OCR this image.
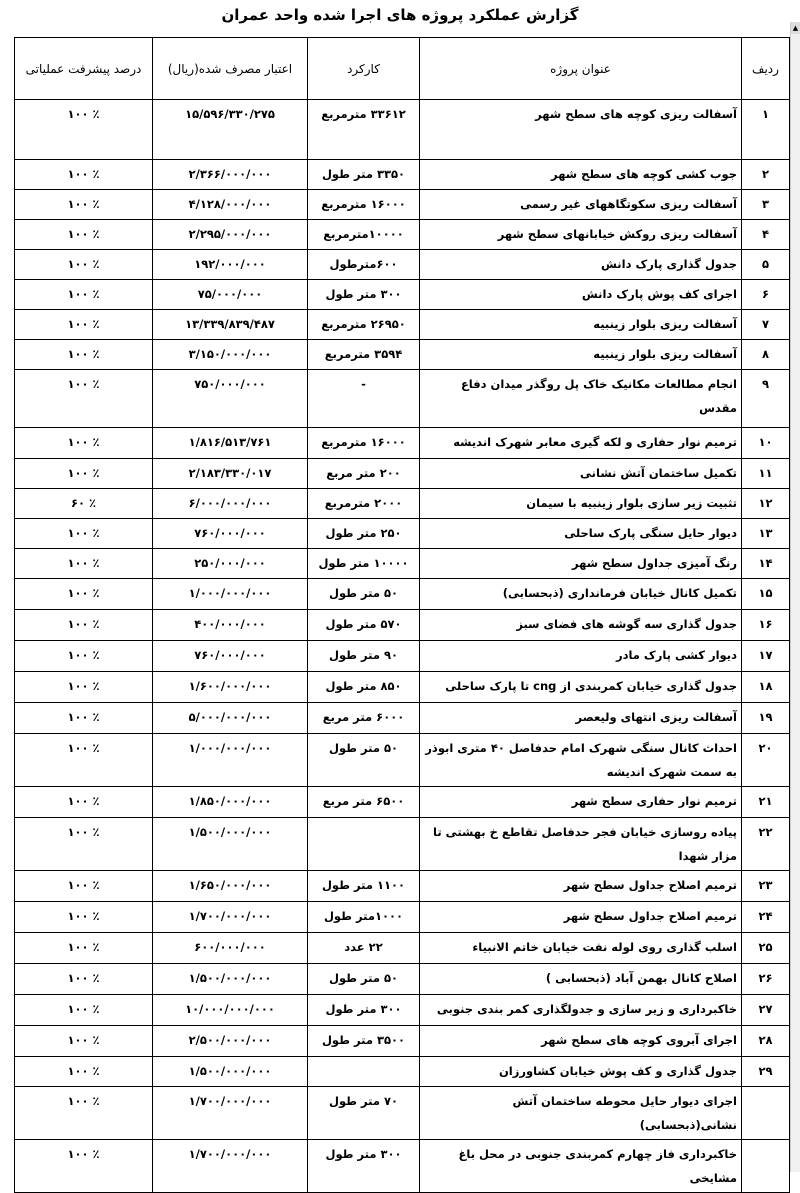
گزارش عملکرد پروژه های اجرا شده واحد عمران
▲
ردیف	عنوان پروژه	کارکرد	اعتبار مصرف شده(ریال)	درصد پیشرفت عملیاتی
۱	آسفالت ریزی کوچه های سطح شهر	۳۳۶۱۲ مترمربع	۱۵/۵۹۶/۳۳۰/۲۷۵	٪ ۱۰۰
۲	جوب کشی کوچه های سطح شهر	۳۳۵۰ متر طول	۲/۳۶۶/۰۰۰/۰۰۰	٪ ۱۰۰
۳	آسفالت ریزی سکوتگاههای غیر رسمی	۱۶۰۰۰ مترمربع	۴/۱۲۸/۰۰۰/۰۰۰	٪ ۱۰۰
۴	آسفالت ریزی روکش خیابانهای سطح شهر	۱۰۰۰۰مترمربع	۲/۲۹۵/۰۰۰/۰۰۰	٪ ۱۰۰
۵	جدول گذاری پارک دانش	۶۰۰مترطول	۱۹۲/۰۰۰/۰۰۰	٪ ۱۰۰
۶	اجرای کف پوش پارک دانش	۳۰۰ متر طول	۷۵/۰۰۰/۰۰۰	٪ ۱۰۰
۷	آسفالت ریزی بلوار زینبیه	۲۶۹۵۰ مترمربع	۱۳/۳۳۹/۸۳۹/۴۸۷	٪ ۱۰۰
۸	آسفالت ریزی بلوار زینبیه	۳۵۹۴ مترمربع	۳/۱۵۰/۰۰۰/۰۰۰	٪ ۱۰۰
۹	انجام مطالعات مکانیک خاک پل روگذر میدان دفاع مقدس	-	۷۵۰/۰۰۰/۰۰۰	٪ ۱۰۰
۱۰	ترمیم نوار حفاری و لکه گیری معابر شهرک اندیشه	۱۶۰۰۰ مترمربع	۱/۸۱۶/۵۱۳/۷۶۱	٪ ۱۰۰
۱۱	تکمیل ساختمان آتش نشانی	۲۰۰ متر مربع	۲/۱۸۳/۳۳۰/۰۱۷	٪ ۱۰۰
۱۲	تثبیت زیر سازی بلوار زینبیه با سیمان	۲۰۰۰ مترمربع	۶/۰۰۰/۰۰۰/۰۰۰	٪ ۶۰
۱۳	دیوار حایل سنگی پارک ساحلی	۲۵۰ متر طول	۷۶۰/۰۰۰/۰۰۰	٪ ۱۰۰
۱۴	رنگ آمیزی جداول سطح شهر	۱۰۰۰۰ متر طول	۲۵۰/۰۰۰/۰۰۰	٪ ۱۰۰
۱۵	تکمیل کانال خیابان فرمانداری (ذبحسابی)	۵۰ متر طول	۱/۰۰۰/۰۰۰/۰۰۰	٪ ۱۰۰
۱۶	جدول گذاری سه گوشه های فضای سبز	۵۷۰ متر طول	۴۰۰/۰۰۰/۰۰۰	٪ ۱۰۰
۱۷	دیوار کشی پارک مادر	۹۰ متر طول	۷۶۰/۰۰۰/۰۰۰	٪ ۱۰۰
۱۸	جدول گذاری خیابان کمربندی از cng تا پارک ساحلی	۸۵۰ متر طول	۱/۶۰۰/۰۰۰/۰۰۰	٪ ۱۰۰
۱۹	آسفالت ریزی انتهای ولیعصر	۶۰۰۰ متر مربع	۵/۰۰۰/۰۰۰/۰۰۰	٪ ۱۰۰
۲۰	احداث کانال سنگی شهرک امام حدفاصل ۴۰ متری ابوذر به سمت شهرک اندیشه	۵۰ متر طول	۱/۰۰۰/۰۰۰/۰۰۰	٪ ۱۰۰
۲۱	ترمیم نوار حفاری سطح شهر	۶۵۰۰ متر مربع	۱/۸۵۰/۰۰۰/۰۰۰	٪ ۱۰۰
۲۲	پیاده روسازی خیابان فجر حدفاصل تقاطع خ بهشتی تا مزار شهدا		۱/۵۰۰/۰۰۰/۰۰۰	٪ ۱۰۰
۲۳	ترمیم اصلاح جداول سطح شهر	۱۱۰۰ متر طول	۱/۶۵۰/۰۰۰/۰۰۰	٪ ۱۰۰
۲۴	ترمیم اصلاح جداول سطح شهر	۱۰۰۰متر طول	۱/۷۰۰/۰۰۰/۰۰۰	٪ ۱۰۰
۲۵	اسلب گذاری روی لوله نفت خیابان خاتم الانبیاء	۲۲ عدد	۶۰۰/۰۰۰/۰۰۰	٪ ۱۰۰
۲۶	اصلاح کانال بهمن آباد (ذبحسابی )	۵۰ متر طول	۱/۵۰۰/۰۰۰/۰۰۰	٪ ۱۰۰
۲۷	خاکبرداری و زیر سازی و جدولگذاری کمر بندی جنوبی	۳۰۰ متر طول	۱۰/۰۰۰/۰۰۰/۰۰۰	٪ ۱۰۰
۲۸	اجرای آبروی کوچه های سطح شهر	۳۵۰۰ متر طول	۲/۵۰۰/۰۰۰/۰۰۰	٪ ۱۰۰
۲۹	جدول گذاری و کف پوش خیابان کشاورزان		۱/۵۰۰/۰۰۰/۰۰۰	٪ ۱۰۰
	اجرای دیوار حایل محوطه ساختمان آتش نشانی(ذبحسابی)	۷۰ متر طول	۱/۷۰۰/۰۰۰/۰۰۰	٪ ۱۰۰
	خاکبرداری فاز چهارم کمربندی جنوبی در محل باغ مشایخی	۳۰۰ متر طول	۱/۷۰۰/۰۰۰/۰۰۰	٪ ۱۰۰
